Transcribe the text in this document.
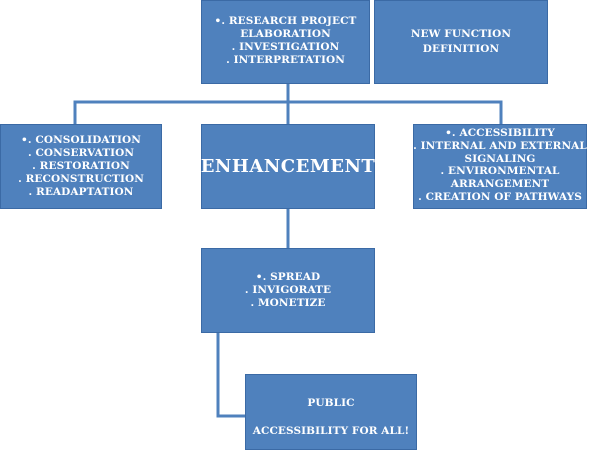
•. RESEARCH PROJECT
ELABORATION
. INVESTIGATION
. INTERPRETATION
NEW FUNCTION
DEFINITION
•. CONSOLIDATION
. CONSERVATION
. RESTORATION
. RECONSTRUCTION
. READAPTATION
ENHANCEMENT
•. ACCESSIBILITY
. INTERNAL AND EXTERNAL
SIGNALING
. ENVIRONMENTAL
ARRANGEMENT
. CREATION OF PATHWAYS
•. SPREAD
. INVIGORATE
. MONETIZE
PUBLIC
ACCESSIBILITY FOR ALL!
